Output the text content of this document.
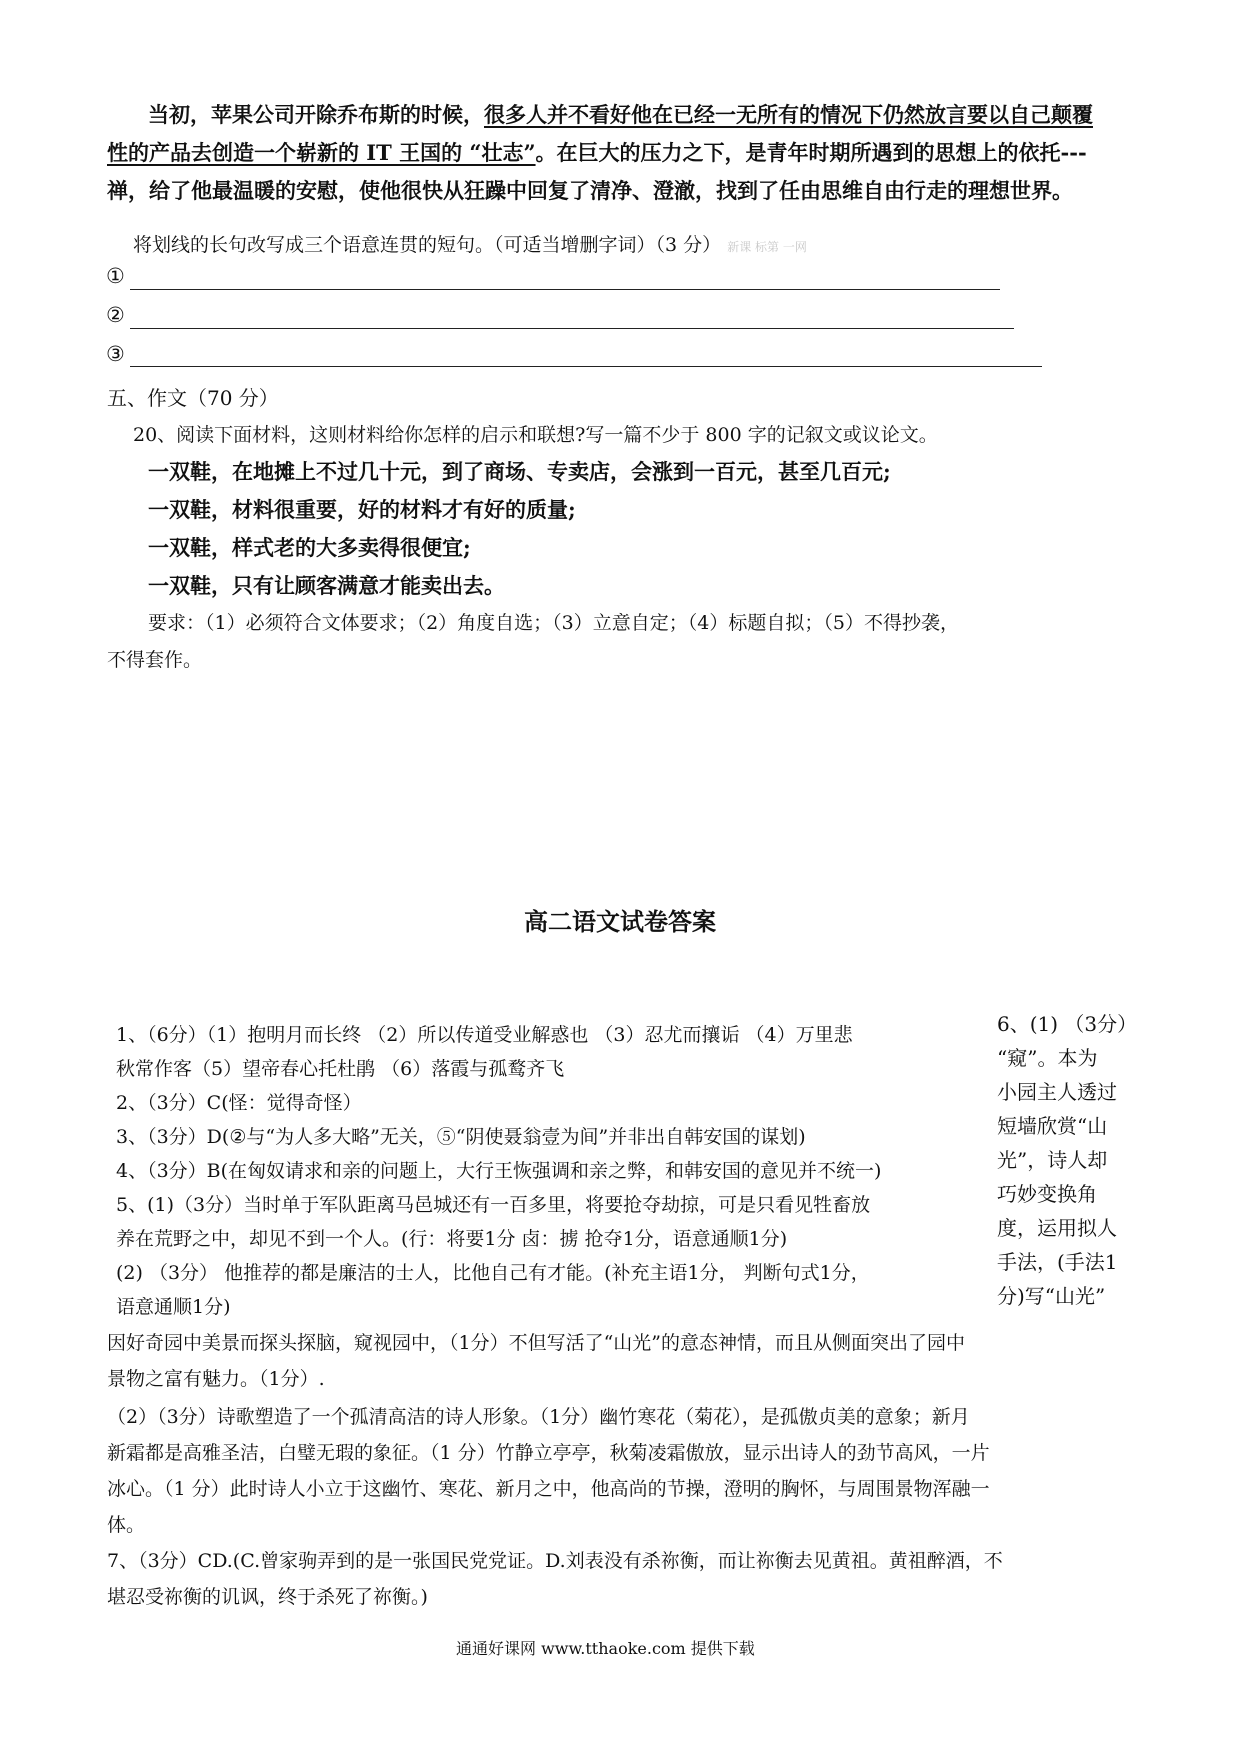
当初，苹果公司开除乔布斯的时候，很多人并不看好他在已经一无所有的情况下仍然放言要以自己颠覆
性的产品去创造一个崭新的 IT 王国的 “壮志”。在巨大的压力之下，是青年时期所遇到的思想上的依托---
禅，给了他最温暖的安慰，使他很快从狂躁中回复了清净、澄澈，找到了任由思维自由行走的理想世界。
将划线的长句改写成三个语意连贯的短句。（可适当增删字词）（3 分） 新课 标第 一网
①
②
③
五、作文（70 分）
20、阅读下面材料，这则材料给你怎样的启示和联想?写一篇不少于 800 字的记叙文或议论文。
一双鞋，在地摊上不过几十元，到了商场、专卖店，会涨到一百元，甚至几百元;
一双鞋，材料很重要，好的材料才有好的质量;
一双鞋，样式老的大多卖得很便宜;
一双鞋，只有让顾客满意才能卖出去。
要求：（1）必须符合文体要求；（2）角度自选；（3）立意自定；（4）标题自拟；（5）不得抄袭，
不得套作。
高二语文试卷答案
1、（6分）（1）抱明月而长终 （2）所以传道受业解惑也 （3）忍尤而攘诟 （4）万里悲
秋常作客（5）望帝春心托杜鹃 （6）落霞与孤鹜齐飞
2、（3分）C(怪：觉得奇怪）
3、（3分）D(②与“为人多大略”无关，⑤“阴使聂翁壹为间”并非出自韩安国的谋划)
4、（3分）B(在匈奴请求和亲的问题上，大行王恢强调和亲之弊，和韩安国的意见并不统一)
5、(1)（3分）当时单于军队距离马邑城还有一百多里，将要抢夺劫掠，可是只看见牲畜放
养在荒野之中，却见不到一个人。(行：将要1分 卤：掳 抢夺1分，语意通顺1分)
(2) （3分） 他推荐的都是廉洁的士人，比他自己有才能。(补充主语1分， 判断句式1分，
语意通顺1分)
6、(1) （3分）
“窥”。本为
小园主人透过
短墙欣赏“山
光”，诗人却
巧妙变换角
度，运用拟人
手法，(手法1
分)写“山光”
因好奇园中美景而探头探脑，窥视园中，（1分）不但写活了“山光”的意态神情，而且从侧面突出了园中
景物之富有魅力。（1分）.
（2）（3分）诗歌塑造了一个孤清高洁的诗人形象。（1分）幽竹寒花（菊花），是孤傲贞美的意象；新月
新霜都是高雅圣洁，白璧无瑕的象征。（1 分）竹静立亭亭，秋菊凌霜傲放，显示出诗人的劲节高风，一片
冰心。（1 分）此时诗人小立于这幽竹、寒花、新月之中，他高尚的节操，澄明的胸怀，与周围景物浑融一
体。
7、（3分）CD.(C.曾家驹弄到的是一张国民党党证。D.刘表没有杀祢衡，而让祢衡去见黄祖。黄祖醉酒，不
堪忍受祢衡的讥讽，终于杀死了祢衡。)
通通好课网 www.tthaoke.com 提供下载
